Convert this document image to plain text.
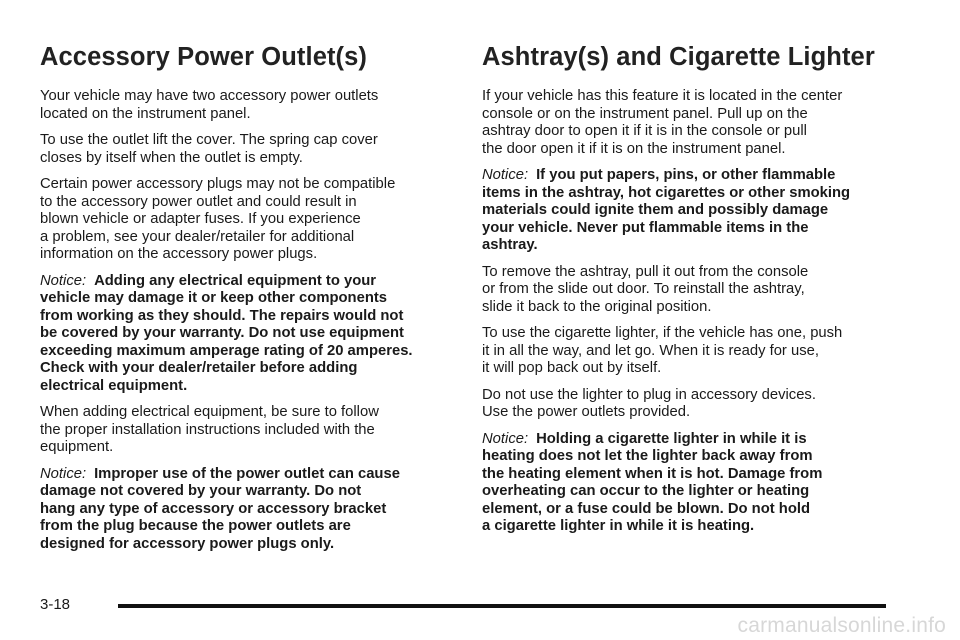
Accessory Power Outlet(s)

Your vehicle may have two accessory power outlets
located on the instrument panel.

To use the outlet lift the cover. The spring cap cover
closes by itself when the outlet is empty.

Certain power accessory plugs may not be compatible
to the accessory power outlet and could result in
blown vehicle or adapter fuses. If you experience
a problem, see your dealer/retailer for additional
information on the accessory power plugs.

Notice: Adding any electrical equipment to your
vehicle may damage it or keep other components
from working as they should. The repairs would not
be covered by your warranty. Do not use equipment
exceeding maximum amperage rating of 20 amperes.
Check with your dealer/retailer before adding
electrical equipment.

When adding electrical equipment, be sure to follow
the proper installation instructions included with the
equipment.

Notice: Improper use of the power outlet can cause
damage not covered by your warranty. Do not
hang any type of accessory or accessory bracket
from the plug because the power outlets are
designed for accessory power plugs only.

Ashtray(s) and Cigarette Lighter

If your vehicle has this feature it is located in the center
console or on the instrument panel. Pull up on the
ashtray door to open it if it is in the console or pull
the door open it if it is on the instrument panel.

Notice: If you put papers, pins, or other flammable
items in the ashtray, hot cigarettes or other smoking
materials could ignite them and possibly damage
your vehicle. Never put flammable items in the
ashtray.

To remove the ashtray, pull it out from the console
or from the slide out door. To reinstall the ashtray,
slide it back to the original position.

To use the cigarette lighter, if the vehicle has one, push
it in all the way, and let go. When it is ready for use,
it will pop back out by itself.

Do not use the lighter to plug in accessory devices.
Use the power outlets provided.

Notice: Holding a cigarette lighter in while it is
heating does not let the lighter back away from
the heating element when it is hot. Damage from
overheating can occur to the lighter or heating
element, or a fuse could be blown. Do not hold
a cigarette lighter in while it is heating.

3-18
carmanualsonline.info
